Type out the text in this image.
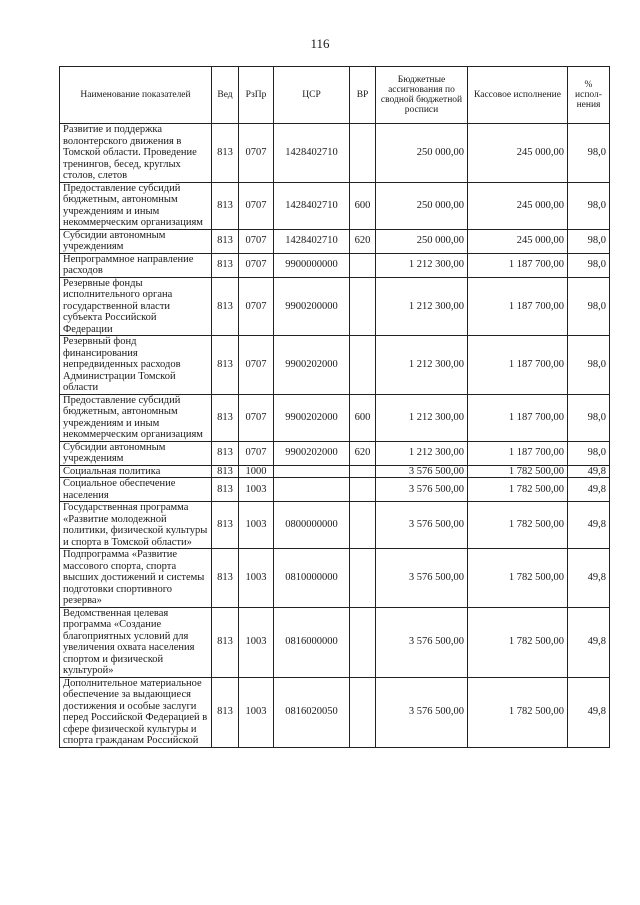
116
Наименование показателей	Вед	РзПр	ЦСР	ВР	Бюджетные ассигнования по сводной бюджетной росписи	Кассовое исполнение	% испол-нения

Развитие и поддержка волонтерского движения в Томской области. Проведение тренингов, бесед, круглых столов, слетов	813	0707	1428402710		250 000,00	245 000,00	98,0

Предоставление субсидий бюджетным, автономным учреждениям и иным некоммерческим организациям	813	0707	1428402710	600	250 000,00	245 000,00	98,0

Субсидии автономным учреждениям	813	0707	1428402710	620	250 000,00	245 000,00	98,0

Непрограммное направление расходов	813	0707	9900000000		1 212 300,00	1 187 700,00	98,0

Резервные фонды исполнительного органа государственной власти субъекта Российской Федерации	813	0707	9900200000		1 212 300,00	1 187 700,00	98,0

Резервный фонд финансирования непредвиденных расходов Администрации Томской области	813	0707	9900202000		1 212 300,00	1 187 700,00	98,0

Предоставление субсидий бюджетным, автономным учреждениям и иным некоммерческим организациям	813	0707	9900202000	600	1 212 300,00	1 187 700,00	98,0

Субсидии автономным учреждениям	813	0707	9900202000	620	1 212 300,00	1 187 700,00	98,0

Социальная политика	813	1000			3 576 500,00	1 782 500,00	49,8

Социальное обеспечение населения	813	1003			3 576 500,00	1 782 500,00	49,8

Государственная программа «Развитие молодежной политики, физической культуры и спорта в Томской области»	813	1003	0800000000		3 576 500,00	1 782 500,00	49,8

Подпрограмма «Развитие массового спорта, спорта высших достижений и системы подготовки спортивного резерва»	813	1003	0810000000		3 576 500,00	1 782 500,00	49,8

Ведомственная целевая программа «Создание благоприятных условий для увеличения охвата населения спортом и физической культурой»	813	1003	0816000000		3 576 500,00	1 782 500,00	49,8

Дополнительное материальное обеспечение за выдающиеся достижения и особые заслуги перед Российской Федерацией в сфере физической культуры и спорта гражданам Российской	813	1003	0816020050		3 576 500,00	1 782 500,00	49,8
